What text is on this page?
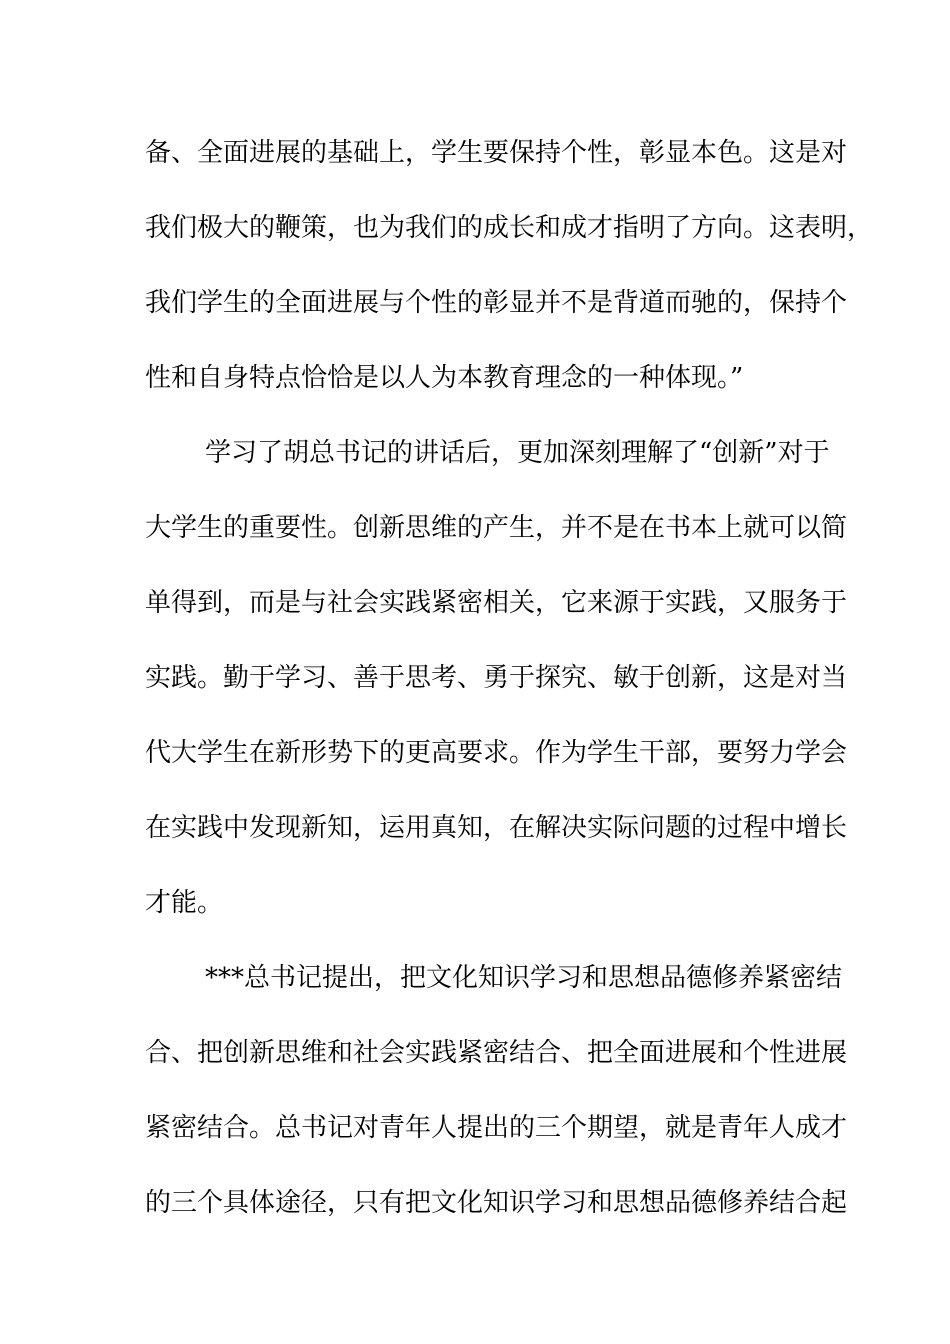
备、全面进展的基础上，学生要保持个性，彰显本色。这是对
我们极大的鞭策，也为我们的成长和成才指明了方向。这表明，
我们学生的全面进展与个性的彰显并不是背道而驰的，保持个
性和自身特点恰恰是以人为本教育理念的一种体现。”
学习了胡总书记的讲话后，更加深刻理解了“创新”对于
大学生的重要性。创新思维的产生，并不是在书本上就可以简
单得到，而是与社会实践紧密相关，它来源于实践，又服务于
实践。勤于学习、善于思考、勇于探究、敏于创新，这是对当
代大学生在新形势下的更高要求。作为学生干部，要努力学会
在实践中发现新知，运用真知，在解决实际问题的过程中增长
才能。
***总书记提出，把文化知识学习和思想品德修养紧密结
合、把创新思维和社会实践紧密结合、把全面进展和个性进展
紧密结合。总书记对青年人提出的三个期望，就是青年人成才
的三个具体途径，只有把文化知识学习和思想品德修养结合起
